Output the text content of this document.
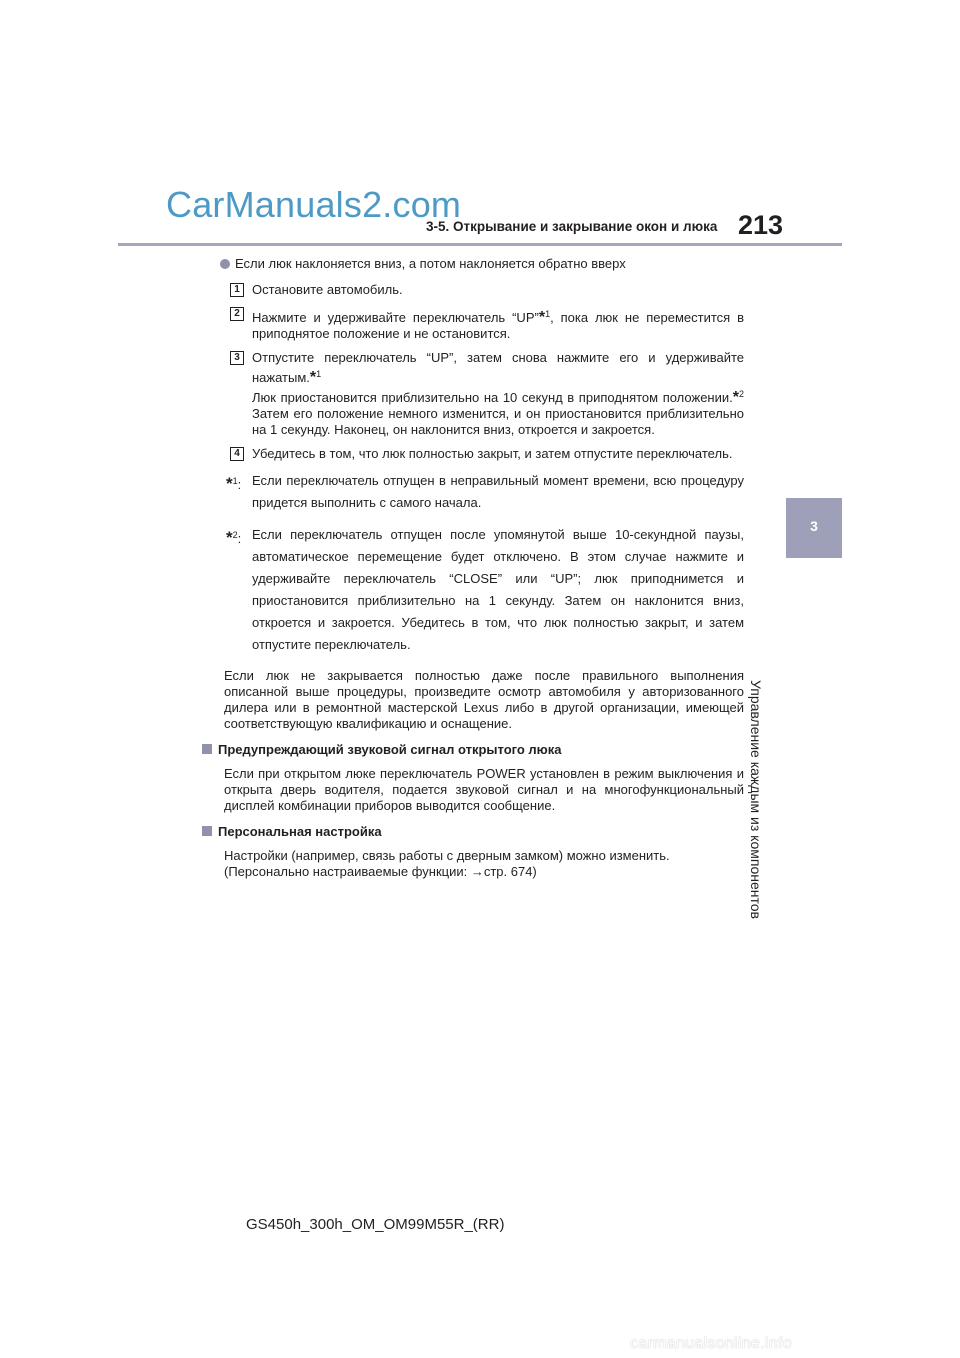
CarManuals2.com	213
3-5. Открывание и закрывание окон и люка
3
Управление каждым из компонентов
Если люк наклоняется вниз, а потом наклоняется обратно вверх
1 Остановите автомобиль.
2 Нажмите и удерживайте переключатель “UP”*$^1$, пока люк не переместится в приподнятое положение и не остановится.
3 Отпустите переключатель “UP”, затем снова нажмите его и удерживайте нажатым.*$^1$
Люк приостановится приблизительно на 10 секунд в приподнятом положении.*$^2$ Затем его положение немного изменится, и он приостановится приблизительно на 1 секунду. Наконец, он наклонится вниз, откроется и закроется.
4 Убедитесь в том, что люк полностью закрыт, и затем отпустите переключатель.
*$^1$: Если переключатель отпущен в неправильный момент времени, всю процедуру придется выполнить с самого начала.
*$^2$: Если переключатель отпущен после упомянутой выше 10-секундной паузы, автоматическое перемещение будет отключено. В этом случае нажмите и удерживайте переключатель “CLOSE” или “UP”; люк приподнимется и приостановится приблизительно на 1 секунду. Затем он наклонится вниз, откроется и закроется. Убедитесь в том, что люк полностью закрыт, и затем отпустите переключатель.
Если люк не закрывается полностью даже после правильного выполнения описанной выше процедуры, произведите осмотр автомобиля у авторизованного дилера или в ремонтной мастерской Lexus либо в другой организации, имеющей соответствующую квалификацию и оснащение.
Предупреждающий звуковой сигнал открытого люка
Если при открытом люке переключатель POWER установлен в режим выключения и открыта дверь водителя, подается звуковой сигнал и на многофункциональный дисплей комбинации приборов выводится сообщение.
Персональная настройка
Настройки (например, связь работы с дверным замком) можно изменить.
(Персонально настраиваемые функции: →стр. 674)
GS450h_300h_OM_OM99M55R_(RR)
carmanualsonline.info
